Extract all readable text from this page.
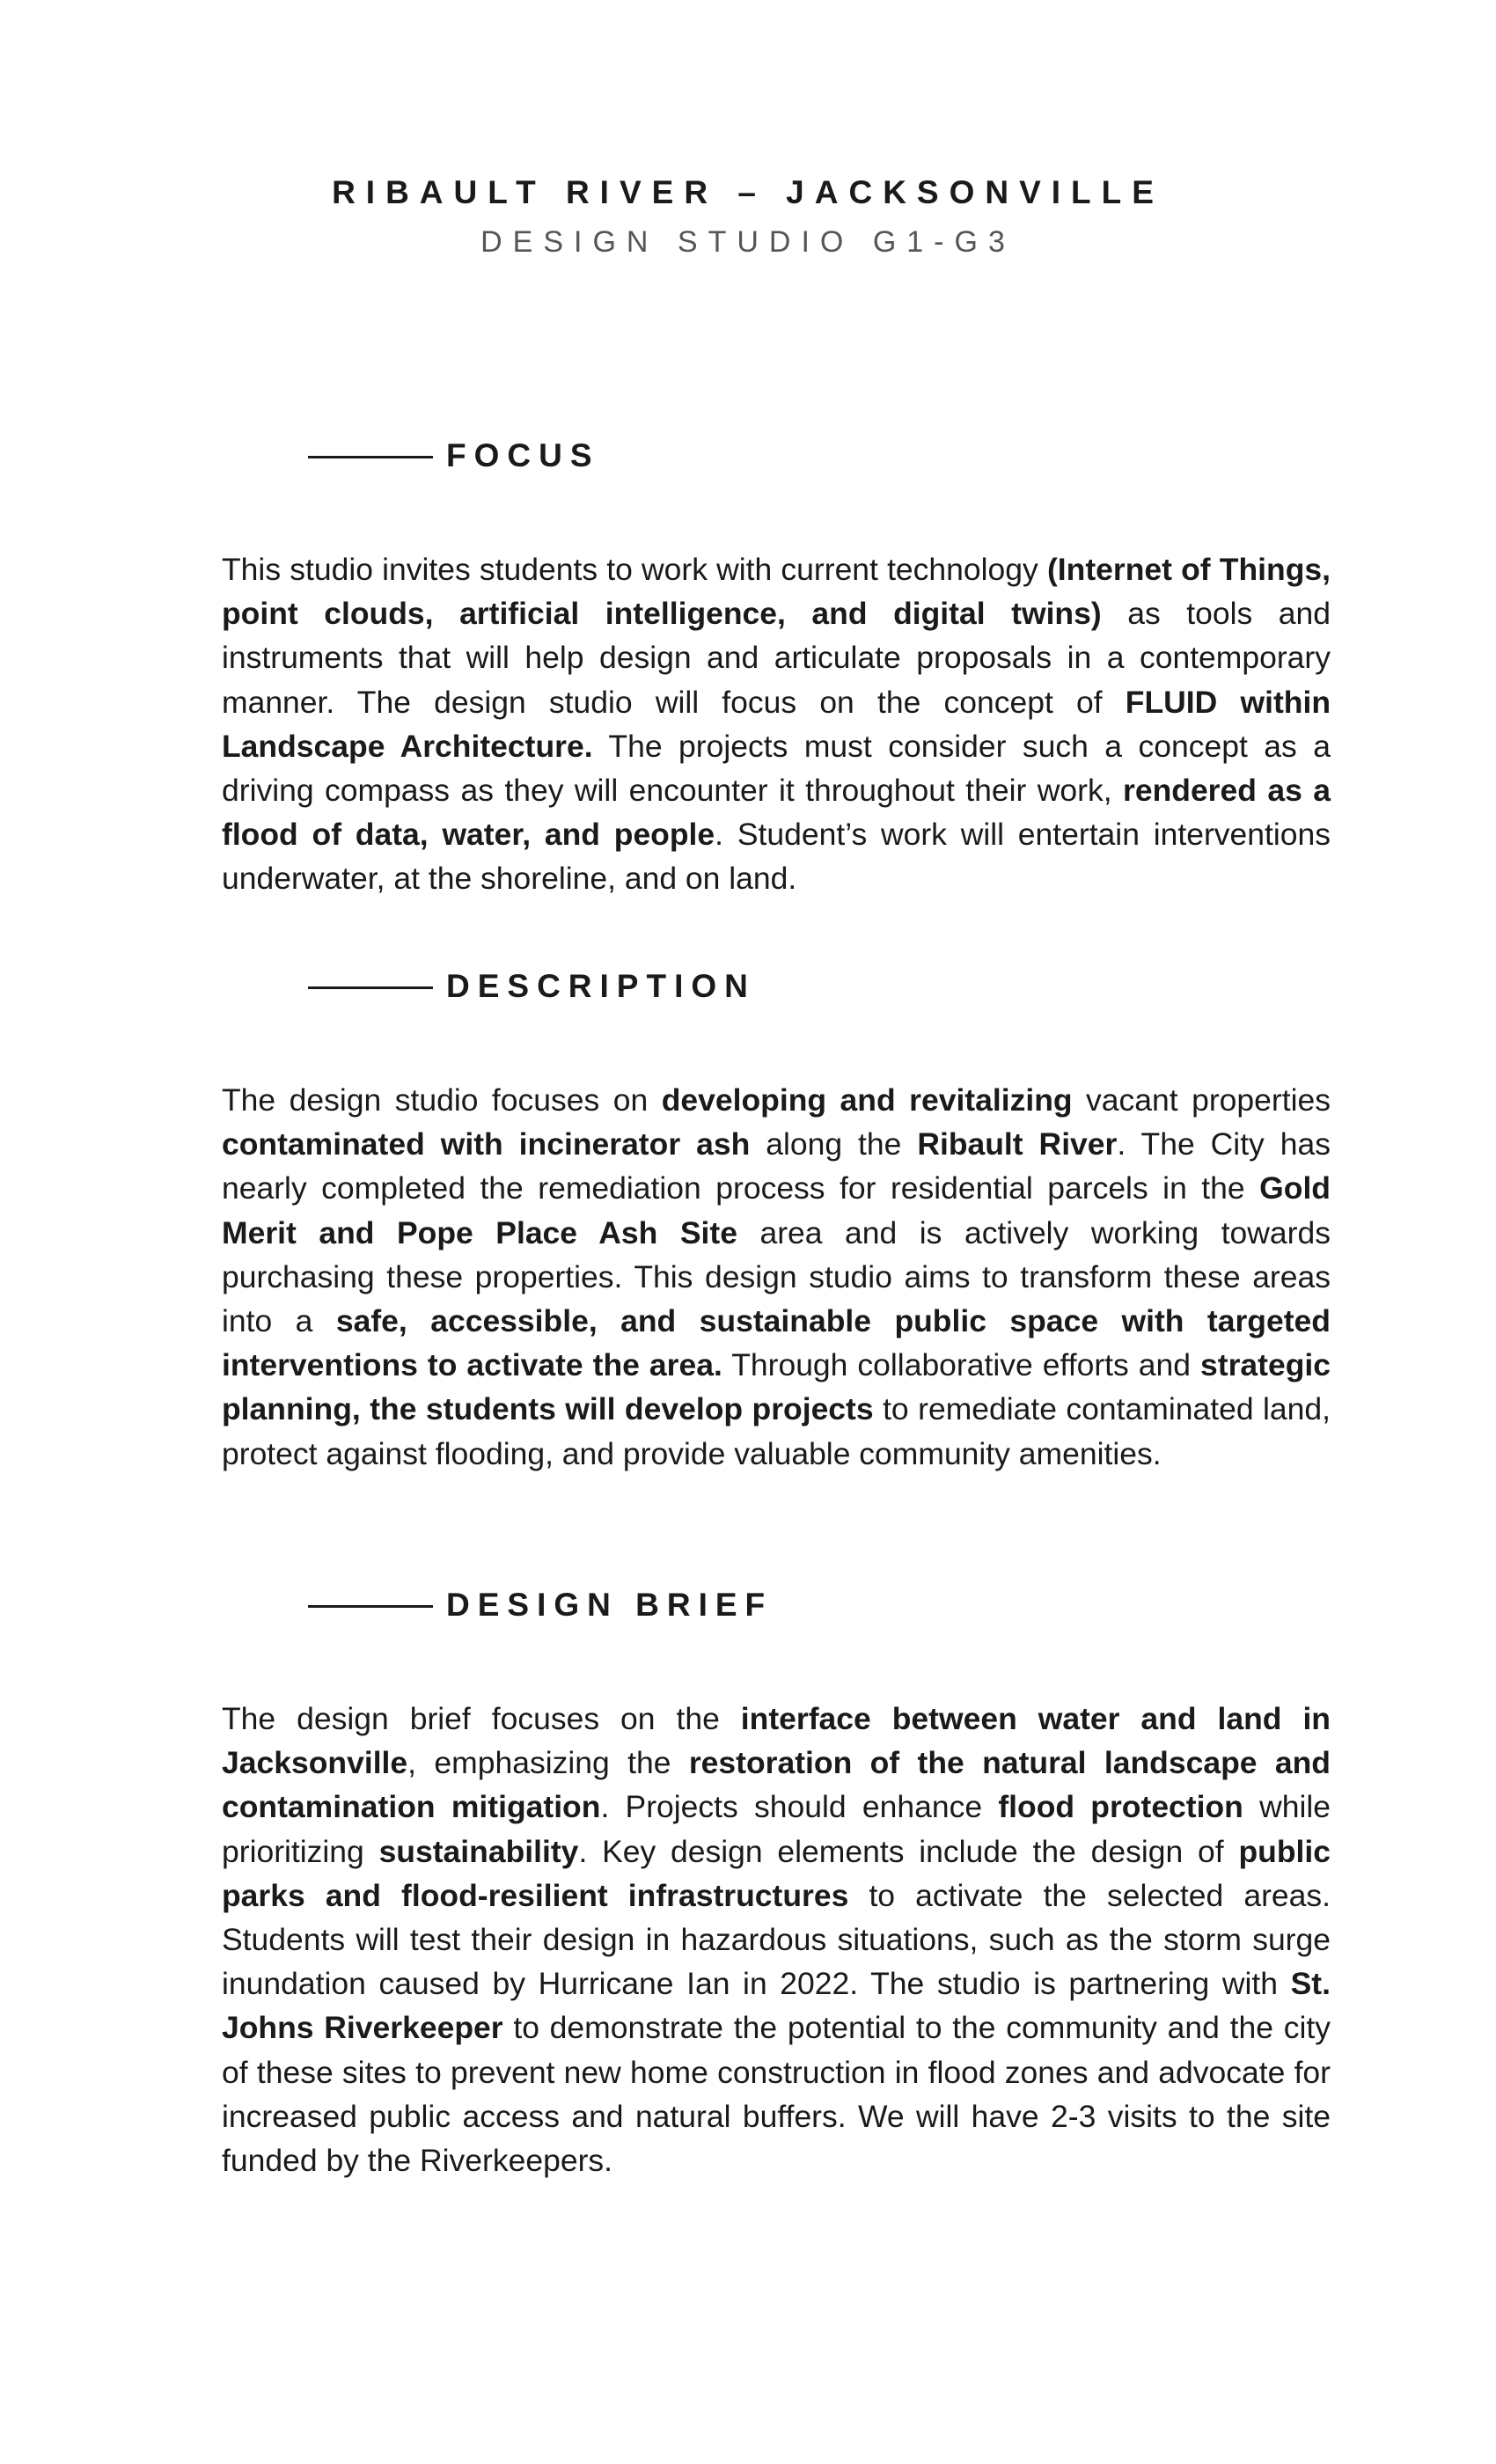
RIBAULT RIVER – JACKSONVILLE
DESIGN STUDIO G1-G3
FOCUS

This studio invites students to work with current technology (Internet of Things, point clouds, artificial intelligence, and digital twins) as tools and instruments that will help design and articulate proposals in a contemporary manner. The design studio will focus on the concept of FLUID within Landscape Architecture. The projects must consider such a concept as a driving compass as they will encounter it throughout their work, rendered as a flood of data, water, and people. Student’s work will entertain interventions underwater, at the shoreline, and on land.

DESCRIPTION

The design studio focuses on developing and revitalizing vacant properties contaminated with incinerator ash along the Ribault River. The City has nearly completed the remediation process for residential parcels in the Gold Merit and Pope Place Ash Site area and is actively working towards purchasing these properties. This design studio aims to transform these areas into a safe, accessible, and sustainable public space with targeted interventions to activate the area. Through collaborative efforts and strategic planning, the students will develop projects to remediate contaminated land, protect against flooding, and provide valuable community amenities.

DESIGN BRIEF

The design brief focuses on the interface between water and land in Jacksonville, emphasizing the restoration of the natural landscape and contamination mitigation. Projects should enhance flood protection while prioritizing sustainability. Key design elements include the design of public parks and flood-resilient infrastructures to activate the selected areas. Students will test their design in hazardous situations, such as the storm surge inundation caused by Hurricane Ian in 2022. The studio is partnering with St. Johns Riverkeeper to demonstrate the potential to the community and the city of these sites to prevent new home construction in flood zones and advocate for increased public access and natural buffers. We will have 2-3 visits to the site funded by the Riverkeepers.
